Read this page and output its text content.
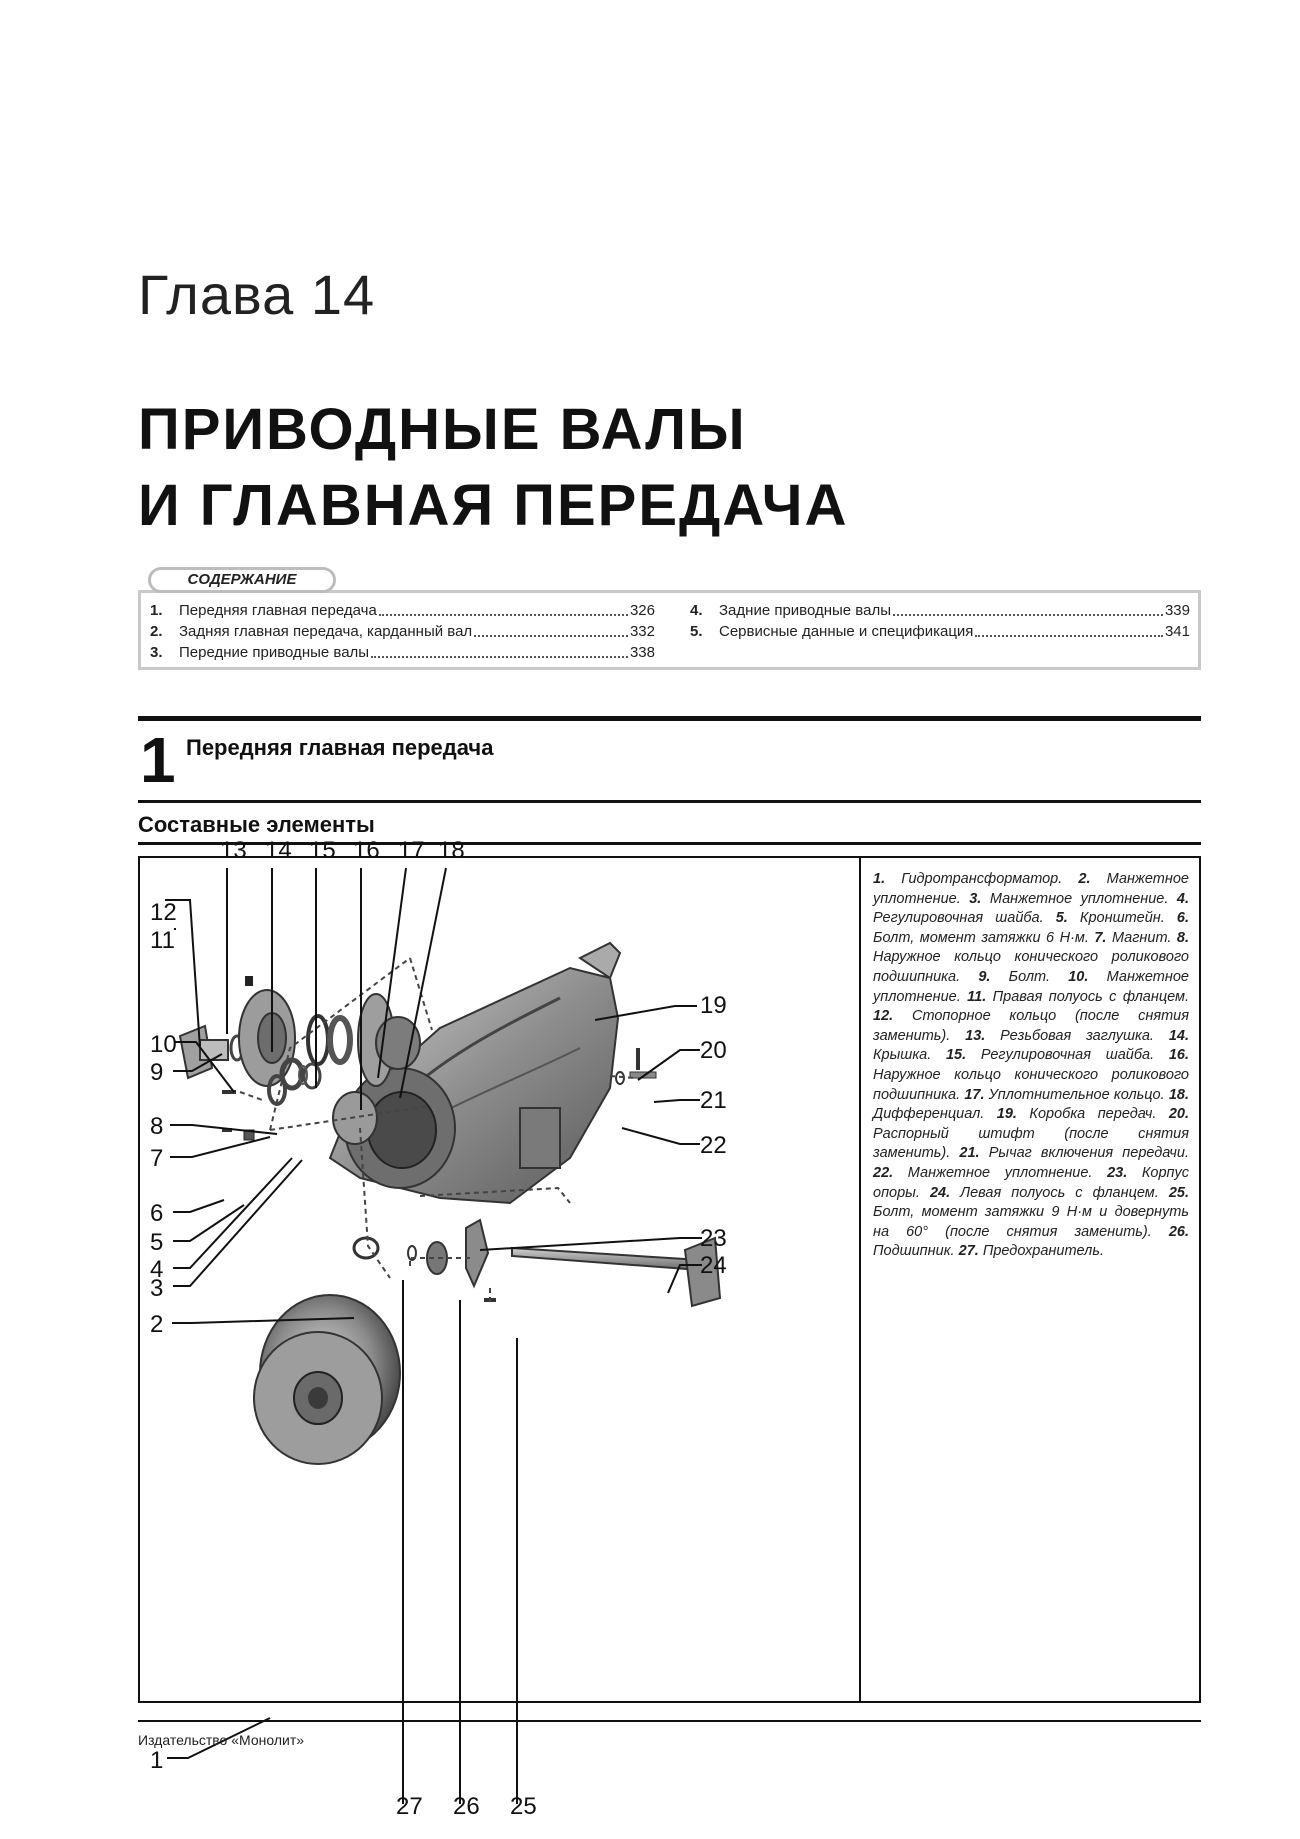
Глава 14
ПРИВОДНЫЕ ВАЛЫ
И ГЛАВНАЯ ПЕРЕДАЧА
СОДЕРЖАНИЕ
1.	Передняя главная передача	326
2.	Задняя главная передача, карданный вал	332
3.	Передние приводные валы	338
4.	Задние приводные валы	339
5.	Сервисные данные и спецификация	341
1 Передняя главная передача
Составные элементы
1
2
3
4
5
6
7
8
9
10
11
12
13 14 15 16 17 18
19
20
21
22
23
24
25
26
27
1. Гидротрансформатор. 2. Манжетное уплотнение. 3. Манжетное уплотнение. 4. Регулировочная шайба. 5. Кронштейн. 6. Болт, момент затяжки 6 Н·м. 7. Магнит. 8. Наружное кольцо конического роликового подшипника. 9. Болт. 10. Манжетное уплотнение. 11. Правая полуось с фланцем. 12. Стопорное кольцо (после снятия заменить). 13. Резьбовая заглушка. 14. Крышка. 15. Регулировочная шайба. 16. Наружное кольцо конического роликового подшипника. 17. Уплотнительное кольцо. 18. Дифференциал. 19. Коробка передач. 20. Распорный штифт (после снятия заменить). 21. Рычаг включения передачи. 22. Манжетное уплотнение. 23. Корпус опоры. 24. Левая полуось с фланцем. 25. Болт, момент затяжки 9 Н·м и довернуть на 60° (после снятия заменить). 26. Подшипник. 27. Предохранитель.
Издательство «Монолит»
